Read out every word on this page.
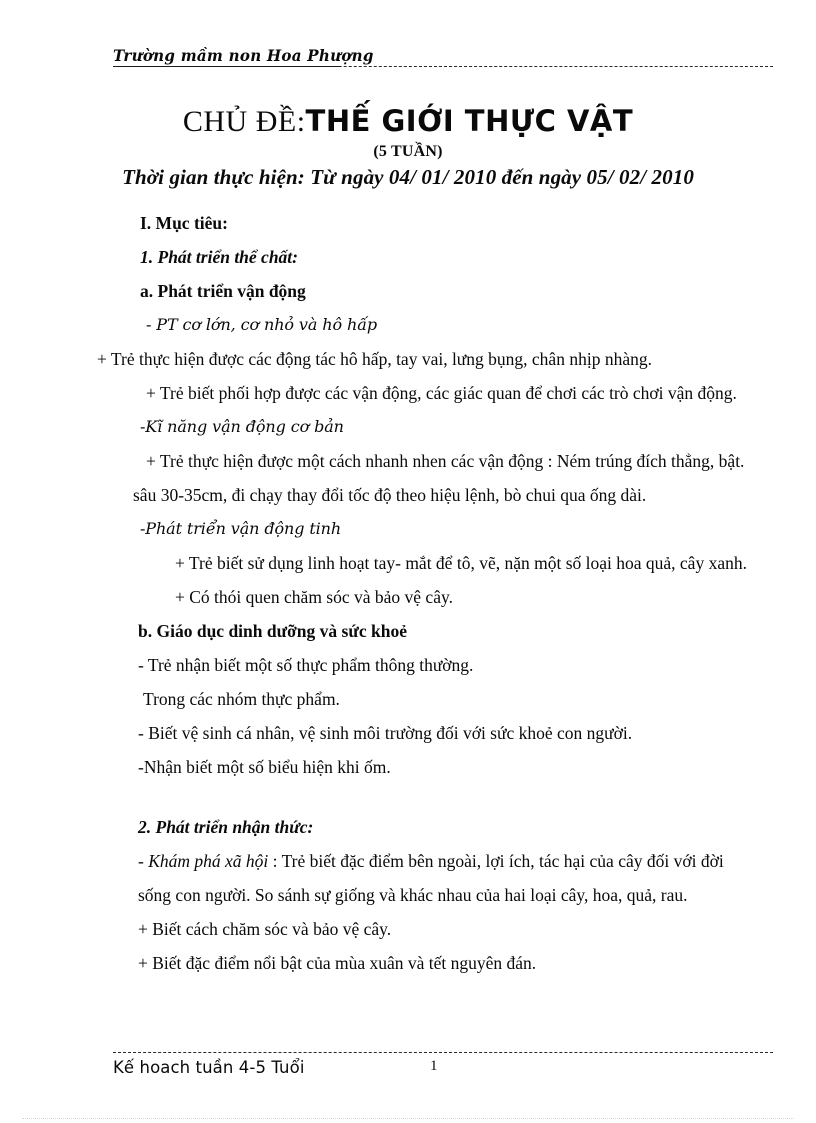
Trường mầm non Hoa Phượng
CHỦ ĐỀ:THẾ GIỚI THỰC VẬT
(5 TUẦN)
Thời gian thực hiện: Từ ngày 04/ 01/ 2010 đến ngày 05/ 02/ 2010
I. Mục tiêu:
1. Phát triển thể chất:
a. Phát triển vận động
- PT cơ lớn, cơ nhỏ và hô hấp
+ Trẻ thực hiện được các động tác hô hấp, tay vai, lưng bụng, chân nhịp nhàng.
+ Trẻ biết phối hợp được các vận động, các giác quan để chơi các trò chơi vận động.
-Kĩ năng vận động cơ bản
+ Trẻ thực hiện được một cách nhanh nhen các vận động : Ném trúng đích thẳng, bật.
sâu 30-35cm, đi chạy thay đổi tốc độ theo hiệu lệnh, bò chui qua ống dài.
-Phát triển vận động tinh
+ Trẻ biết sử dụng linh hoạt tay- mắt để tô, vẽ, nặn một số loại hoa quả, cây xanh.
+ Có thói quen chăm sóc và bảo vệ cây.
b. Giáo dục dinh dưỡng và sức khoẻ
- Trẻ nhận biết một số thực phẩm thông thường.
Trong các nhóm thực phẩm.
- Biết vệ sinh cá nhân, vệ sinh môi trường đối với sức khoẻ con người.
-Nhận biết một số biểu hiện khi ốm.
2. Phát triển nhận thức:
- Khám phá xã hội : Trẻ biết đặc điểm bên ngoài, lợi ích, tác hại của cây đối với đời
sống con người. So sánh sự giống và khác nhau của hai loại cây, hoa, quả, rau.
+ Biết cách chăm sóc và bảo vệ cây.
+ Biết đặc điểm nổi bật của mùa xuân và tết nguyên đán.
Kế hoach tuần 4-5 Tuổi	1
